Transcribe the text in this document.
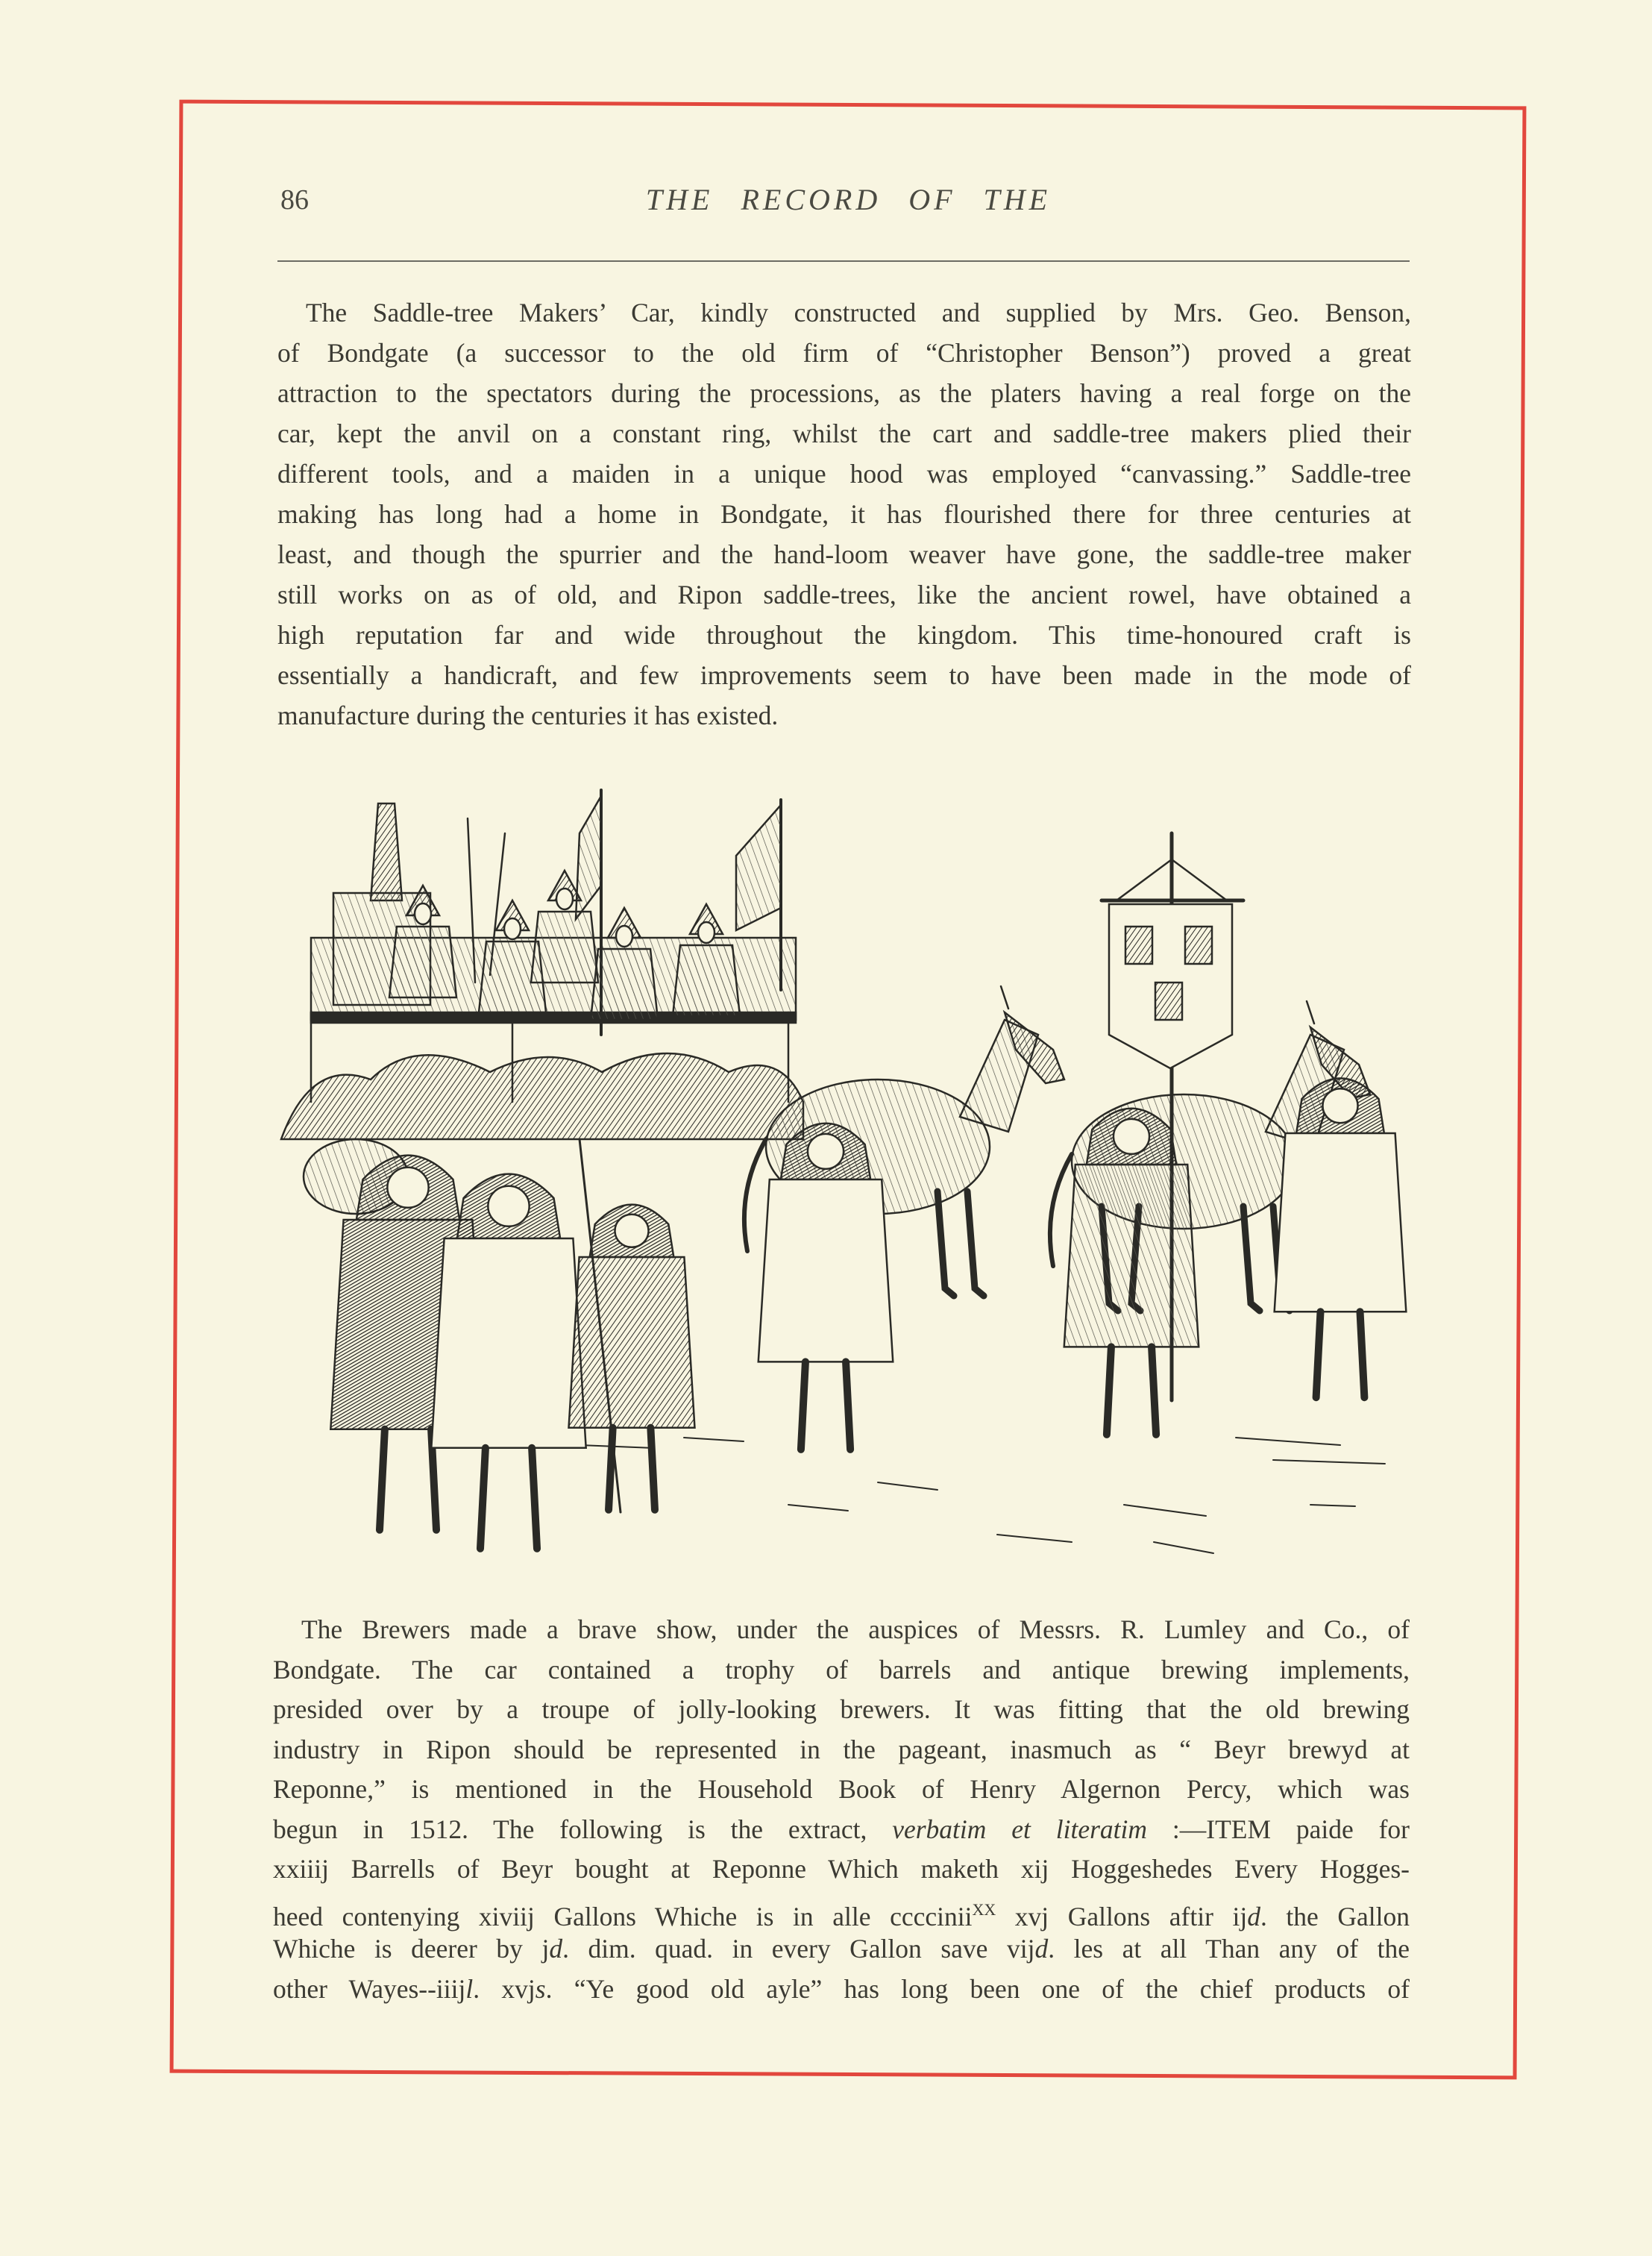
86	THE RECORD OF THE
The Saddle-tree Makers’ Car, kindly constructed and supplied by Mrs. Geo. Benson,
of Bondgate (a successor to the old firm of “Christopher Benson”) proved a great
attraction to the spectators during the processions, as the platers having a real forge on the
car, kept the anvil on a constant ring, whilst the cart and saddle-tree makers plied their
different tools, and a maiden in a unique hood was employed “canvassing.” Saddle-tree
making has long had a home in Bondgate, it has flourished there for three centuries at
least, and though the spurrier and the hand-loom weaver have gone, the saddle-tree maker
still works on as of old, and Ripon saddle-trees, like the ancient rowel, have obtained a
high reputation far and wide throughout the kingdom. This time-honoured craft is
essentially a handicraft, and few improvements seem to have been made in the mode of
manufacture during the centuries it has existed.
The Brewers made a brave show, under the auspices of Messrs. R. Lumley and Co., of
Bondgate. The car contained a trophy of barrels and antique brewing implements,
presided over by a troupe of jolly-looking brewers. It was fitting that the old brewing
industry in Ripon should be represented in the pageant, inasmuch as “ Beyr brewyd at
Reponne,” is mentioned in the Household Book of Henry Algernon Percy, which was
begun in 1512. The following is the extract, verbatim et literatim :—ITEM paide for
xxiiij Barrells of Beyr bought at Reponne Which maketh xij Hoggeshedes Every Hogges-
heed contenying xiviij Gallons Whiche is in alle ccccinii$^{XX}$ xvj Gallons aftir ijd. the Gallon
Whiche is deerer by jd. dim. quad. in every Gallon save vijd. les at all Than any of the
other Wayes--iiijl. xvjs. “Ye good old ayle” has long been one of the chief products of
